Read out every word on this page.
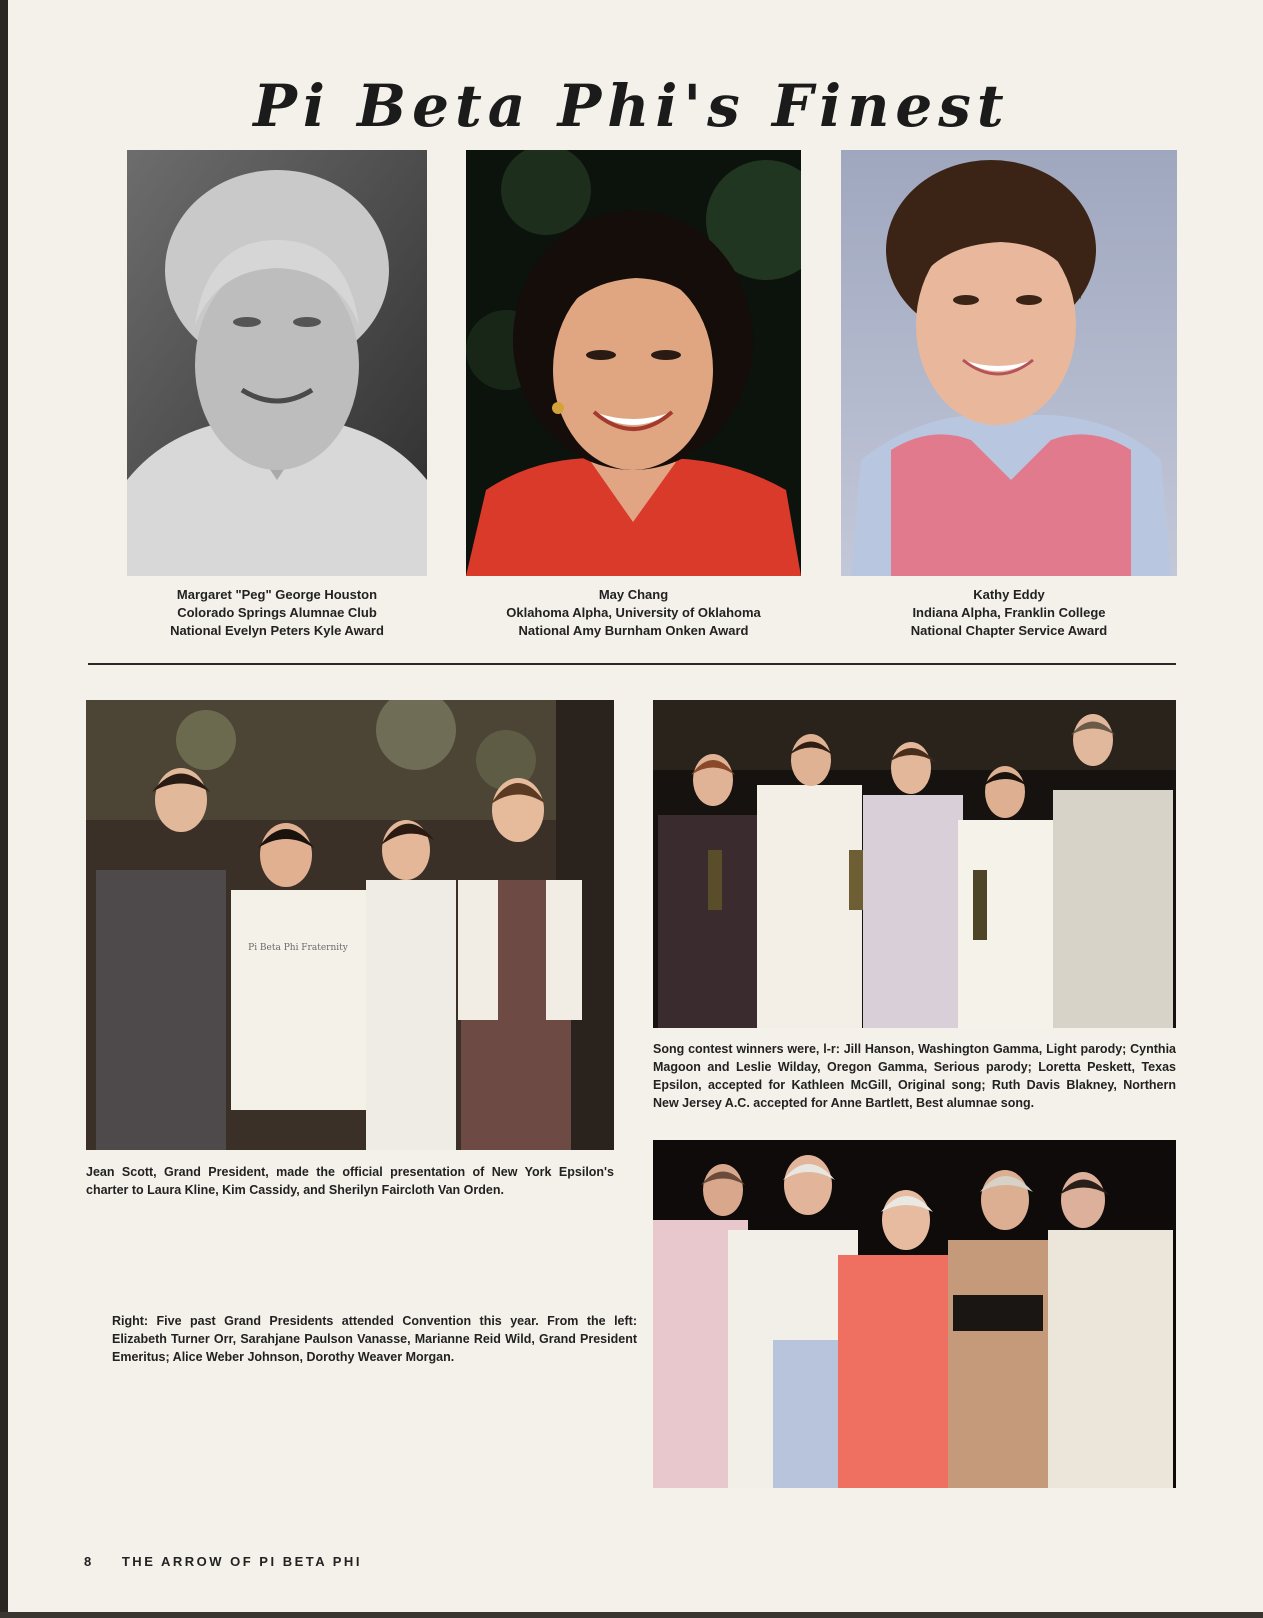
Pi Beta Phi's Finest
Margaret "Peg" George Houston
Colorado Springs Alumnae Club
National Evelyn Peters Kyle Award
May Chang
Oklahoma Alpha, University of Oklahoma
National Amy Burnham Onken Award
Kathy Eddy
Indiana Alpha, Franklin College
National Chapter Service Award
Pi Beta Phi Fraternity
Jean Scott, Grand President, made the official presentation of New York Epsilon's charter to Laura Kline, Kim Cassidy, and Sherilyn Faircloth Van Orden.
Song contest winners were, l-r: Jill Hanson, Washington Gamma, Light parody; Cynthia Magoon and Leslie Wilday, Oregon Gamma, Serious parody; Loretta Peskett, Texas Epsilon, accepted for Kathleen McGill, Original song; Ruth Davis Blakney, Northern New Jersey A.C. accepted for Anne Bartlett, Best alumnae song.
Right: Five past Grand Presidents attended Convention this year. From the left: Elizabeth Turner Orr, Sarahjane Paulson Vanasse, Marianne Reid Wild, Grand President Emeritus; Alice Weber Johnson, Dorothy Weaver Morgan.
8 THE ARROW OF PI BETA PHI
